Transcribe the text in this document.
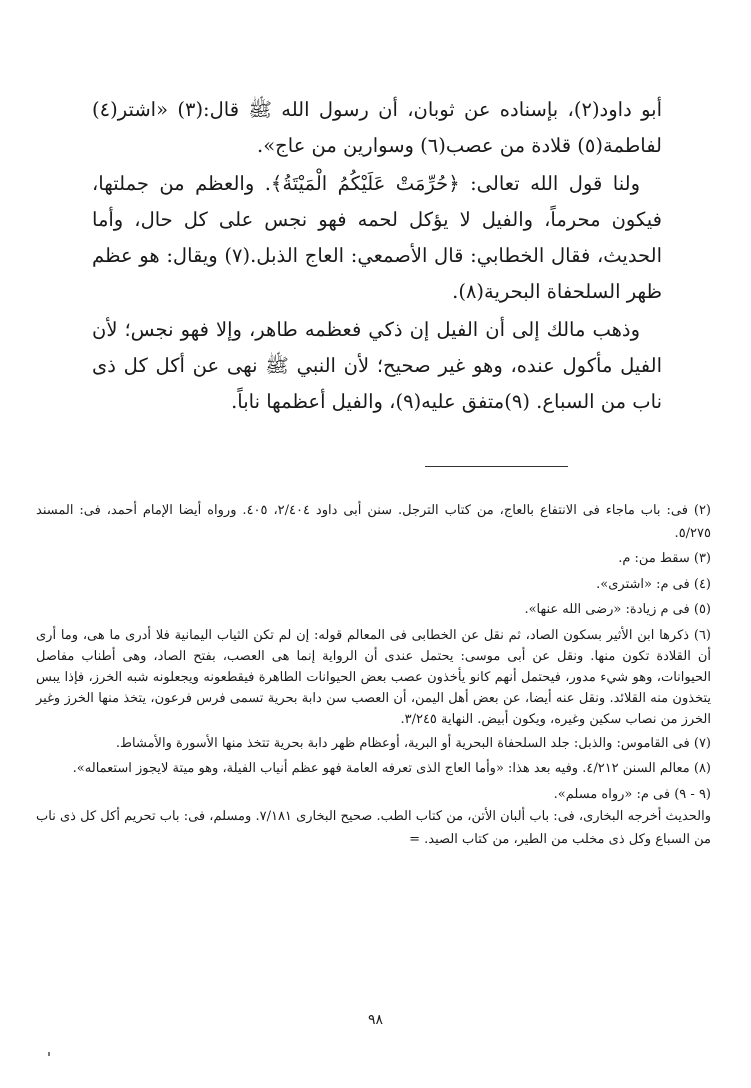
أبو داود(٢)، بإسناده عن ثوبان، أن رسول الله ﷺ قال:(٣) «اشتر(٤) لفاطمة(٥) قلادة من عصب(٦) وسوارين من عاج».

ولنا قول الله تعالى: ﴿حُرِّمَتْ عَلَيْكُمُ الْمَيْتَةُ﴾. والعظم من جملتها، فيكون محرماً، والفيل لا يؤكل لحمه فهو نجس على كل حال، وأما الحديث، فقال الخطابي: قال الأصمعي: العاج الذبل.(٧) ويقال: هو عظم ظهر السلحفاة البحرية(٨).

وذهب مالك إلى أن الفيل إن ذكي فعظمه طاهر، وإلا فهو نجس؛ لأن الفيل مأكول عنده، وهو غير صحيح؛ لأن النبي ﷺ نهى عن أكل كل ذى ناب من السباع. (٩)متفق عليه(٩)، والفيل أعظمها ناباً.

(٢) فى: باب ماجاء فى الانتفاع بالعاج، من كتاب الترجل. سنن أبى داود ٢/٤٠٤، ٤٠٥. ورواه أيضا الإمام أحمد، فى: المسند ٥/٢٧٥.

(٣) سقط من: م.

(٤) فى م: «اشترى».

(٥) فى م زيادة: «رضى الله عنها».

(٦) ذكرها ابن الأثير بسكون الصاد، ثم نقل عن الخطابى فى المعالم قوله: إن لم تكن الثياب اليمانية فلا أدرى ما هى، وما أرى أن القلادة تكون منها. ونقل عن أبى موسى: يحتمل عندى أن الرواية إنما هى العصب، بفتح الصاد، وهى أطناب مفاصل الحيوانات، وهو شيء مدور، فيحتمل أنهم كانو يأخذون عصب بعض الحيوانات الطاهرة فيقطعونه ويجعلونه شبه الخرز، فإذا يبس يتخذون منه القلائد. ونقل عنه أيضا، عن بعض أهل اليمن، أن العصب سن دابة بحرية تسمى فرس فرعون، يتخذ منها الخرز وغير الخرز من نصاب سكين وغيره، ويكون أبيض. النهاية ٣/٢٤٥.

(٧) فى القاموس: والذبل: جلد السلحفاة البحرية أو البرية، أوعظام ظهر دابة بحرية تتخذ منها الأسورة والأمشاط.

(٨) معالم السنن ٤/٢١٢. وفيه بعد هذا: «وأما العاج الذى تعرفه العامة فهو عظم أنياب الفيلة، وهو ميتة لايجوز استعماله».

(٩ - ٩) فى م: «رواه مسلم».

والحديث أخرجه البخارى، فى: باب ألبان الأتن، من كتاب الطب. صحيح البخارى ٧/١٨١. ومسلم، فى: باب تحريم أكل كل ذى ناب من السباع وكل ذى مخلب من الطير، من كتاب الصيد. =

٩٨
